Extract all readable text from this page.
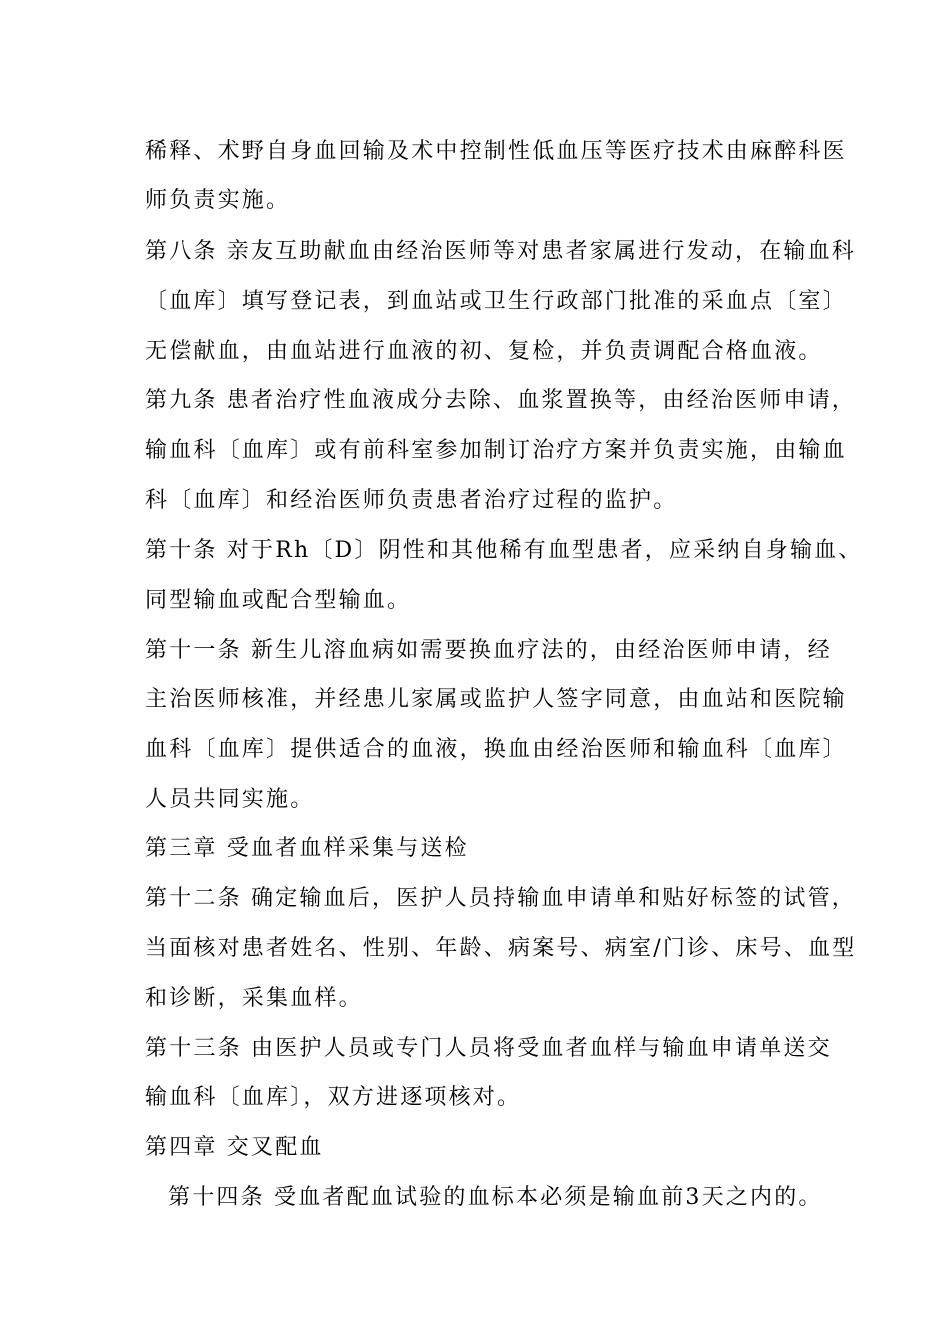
稀释、术野自身血回输及术中控制性低血压等医疗技术由麻醉科医
师负责实施。
第八条 亲友互助献血由经治医师等对患者家属进行发动，在输血科
〔血库〕填写登记表，到血站或卫生行政部门批准的采血点〔室〕
无偿献血，由血站进行血液的初、复检，并负责调配合格血液。
第九条 患者治疗性血液成分去除、血浆置换等，由经治医师申请，
输血科〔血库〕或有前科室参加制订治疗方案并负责实施，由输血
科〔血库〕和经治医师负责患者治疗过程的监护。
第十条 对于Rh〔D〕阴性和其他稀有血型患者，应采纳自身输血、
同型输血或配合型输血。
第十一条 新生儿溶血病如需要换血疗法的，由经治医师申请，经
主治医师核准，并经患儿家属或监护人签字同意，由血站和医院输
血科〔血库〕提供适合的血液，换血由经治医师和输血科〔血库〕
人员共同实施。
第三章 受血者血样采集与送检
第十二条 确定输血后，医护人员持输血申请单和贴好标签的试管，
当面核对患者姓名、性别、年龄、病案号、病室/门诊、床号、血型
和诊断，采集血样。
第十三条 由医护人员或专门人员将受血者血样与输血申请单送交
输血科〔血库〕，双方进逐项核对。
第四章 交叉配血
第十四条 受血者配血试验的血标本必须是输血前3天之内的。
